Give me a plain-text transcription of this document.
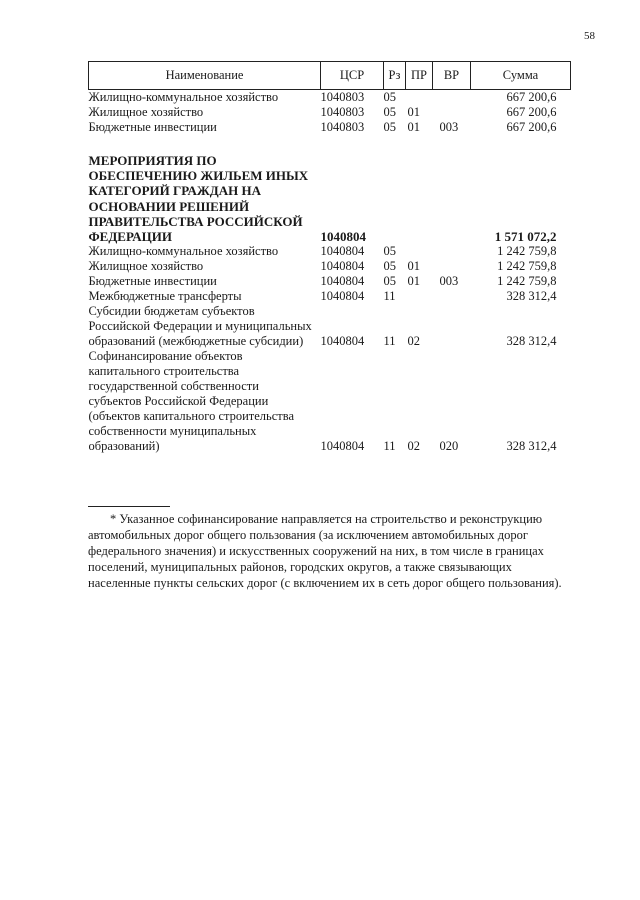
58
Наименование	ЦСР	Рз	ПР	ВР	Сумма
Жилищно-коммунальное хозяйство	1040803	05			667 200,6
Жилищное хозяйство	1040803	05	01		667 200,6
Бюджетные инвестиции	1040803	05	01	003	667 200,6

МЕРОПРИЯТИЯ ПО ОБЕСПЕЧЕНИЮ ЖИЛЬЕМ ИНЫХ КАТЕГОРИЙ ГРАЖДАН НА ОСНОВАНИИ РЕШЕНИЙ ПРАВИТЕЛЬСТВА РОССИЙСКОЙ ФЕДЕРАЦИИ	1040804				1 571 072,2
Жилищно-коммунальное хозяйство	1040804	05			1 242 759,8
Жилищное хозяйство	1040804	05	01		1 242 759,8
Бюджетные инвестиции	1040804	05	01	003	1 242 759,8
Межбюджетные трансферты	1040804	11			328 312,4
Субсидии бюджетам субъектов Российской Федерации и муниципальных образований (межбюджетные субсидии)	1040804	11	02		328 312,4
Софинансирование объектов капитального строительства государственной собственности субъектов Российской Федерации (объектов капитального строительства собственности муниципальных образований)	1040804	11	02	020	328 312,4

* Указанное софинансирование направляется на строительство и реконструкцию автомобильных дорог общего пользования (за исключением автомобильных дорог федерального значения) и искусственных сооружений на них, в том числе в границах поселений, муниципальных районов, городских округов, а также связывающих населенные пункты сельских дорог (с включением их в сеть дорог общего пользования).
